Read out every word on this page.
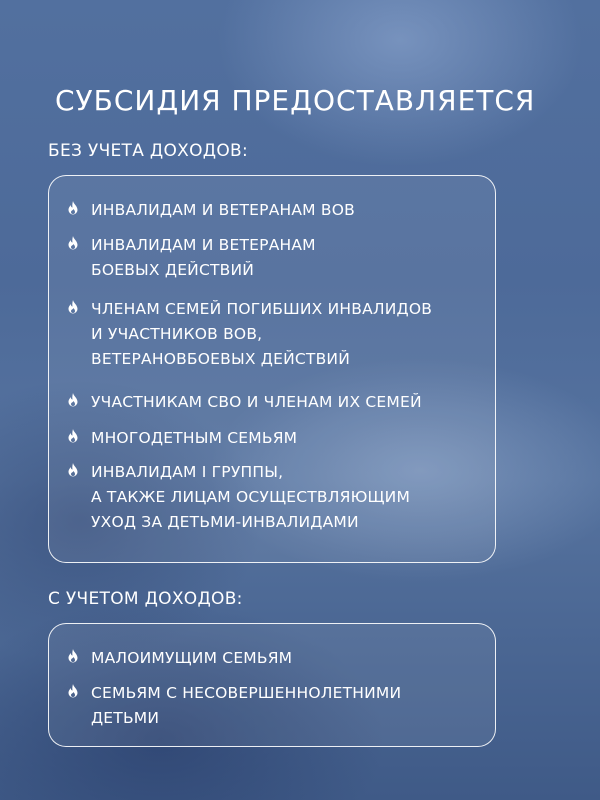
СУБСИДИЯ ПРЕДОСТАВЛЯЕТСЯ
БЕЗ УЧЕТА ДОХОДОВ:
ИНВАЛИДАМ И ВЕТЕРАНАМ ВОВ
ИНВАЛИДАМ И ВЕТЕРАНАМ
БОЕВЫХ ДЕЙСТВИЙ
ЧЛЕНАМ СЕМЕЙ ПОГИБШИХ ИНВАЛИДОВ
И УЧАСТНИКОВ ВОВ,
ВЕТЕРАНОВБОЕВЫХ ДЕЙСТВИЙ
УЧАСТНИКАМ СВО И ЧЛЕНАМ ИХ СЕМЕЙ
МНОГОДЕТНЫМ СЕМЬЯМ
ИНВАЛИДАМ I ГРУППЫ,
А ТАКЖЕ ЛИЦАМ ОСУЩЕСТВЛЯЮЩИМ
УХОД ЗА ДЕТЬМИ-ИНВАЛИДАМИ
С УЧЕТОМ ДОХОДОВ:
МАЛОИМУЩИМ СЕМЬЯМ
СЕМЬЯМ С НЕСОВЕРШЕННОЛЕТНИМИ
ДЕТЬМИ
